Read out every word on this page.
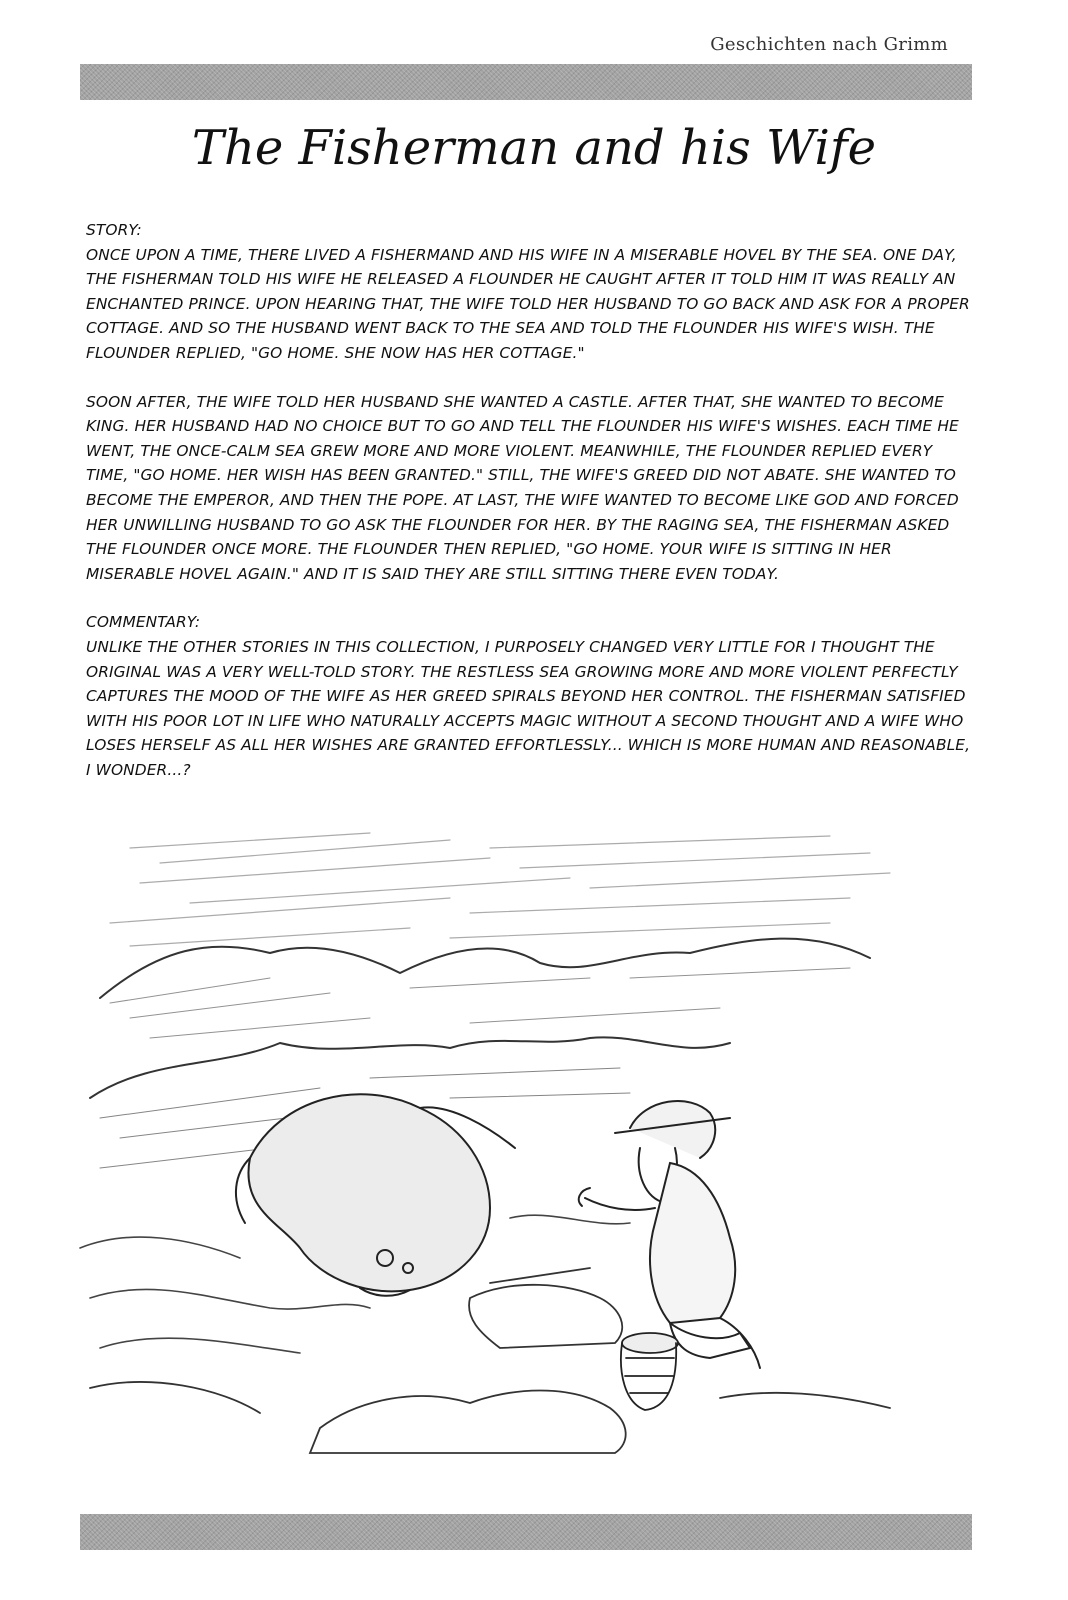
Geschichten nach Grimm
The Fisherman and his Wife

STORY:

ONCE UPON A TIME, THERE LIVED A FISHERMAND AND HIS WIFE IN A MISERABLE HOVEL BY THE SEA. ONE DAY, THE FISHERMAN TOLD HIS WIFE HE RELEASED A FLOUNDER HE CAUGHT AFTER IT TOLD HIM IT WAS REALLY AN ENCHANTED PRINCE. UPON HEARING THAT, THE WIFE TOLD HER HUSBAND TO GO BACK AND ASK FOR A PROPER COTTAGE. AND SO THE HUSBAND WENT BACK TO THE SEA AND TOLD THE FLOUNDER HIS WIFE'S WISH. THE FLOUNDER REPLIED, "GO HOME. SHE NOW HAS HER COTTAGE."

SOON AFTER, THE WIFE TOLD HER HUSBAND SHE WANTED A CASTLE. AFTER THAT, SHE WANTED TO BECOME KING. HER HUSBAND HAD NO CHOICE BUT TO GO AND TELL THE FLOUNDER HIS WIFE'S WISHES. EACH TIME HE WENT, THE ONCE-CALM SEA GREW MORE AND MORE VIOLENT. MEANWHILE, THE FLOUNDER REPLIED EVERY TIME, "GO HOME. HER WISH HAS BEEN GRANTED." STILL, THE WIFE'S GREED DID NOT ABATE. SHE WANTED TO BECOME THE EMPEROR, AND THEN THE POPE. AT LAST, THE WIFE WANTED TO BECOME LIKE GOD AND FORCED HER UNWILLING HUSBAND TO GO ASK THE FLOUNDER FOR HER. BY THE RAGING SEA, THE FISHERMAN ASKED THE FLOUNDER ONCE MORE. THE FLOUNDER THEN REPLIED, "GO HOME. YOUR WIFE IS SITTING IN HER MISERABLE HOVEL AGAIN." AND IT IS SAID THEY ARE STILL SITTING THERE EVEN TODAY.

COMMENTARY:

UNLIKE THE OTHER STORIES IN THIS COLLECTION, I PURPOSELY CHANGED VERY LITTLE FOR I THOUGHT THE ORIGINAL WAS A VERY WELL-TOLD STORY. THE RESTLESS SEA GROWING MORE AND MORE VIOLENT PERFECTLY CAPTURES THE MOOD OF THE WIFE AS HER GREED SPIRALS BEYOND HER CONTROL. THE FISHERMAN SATISFIED WITH HIS POOR LOT IN LIFE WHO NATURALLY ACCEPTS MAGIC WITHOUT A SECOND THOUGHT AND A WIFE WHO LOSES HERSELF AS ALL HER WISHES ARE GRANTED EFFORTLESSLY... WHICH IS MORE HUMAN AND REASONABLE, I WONDER...?
